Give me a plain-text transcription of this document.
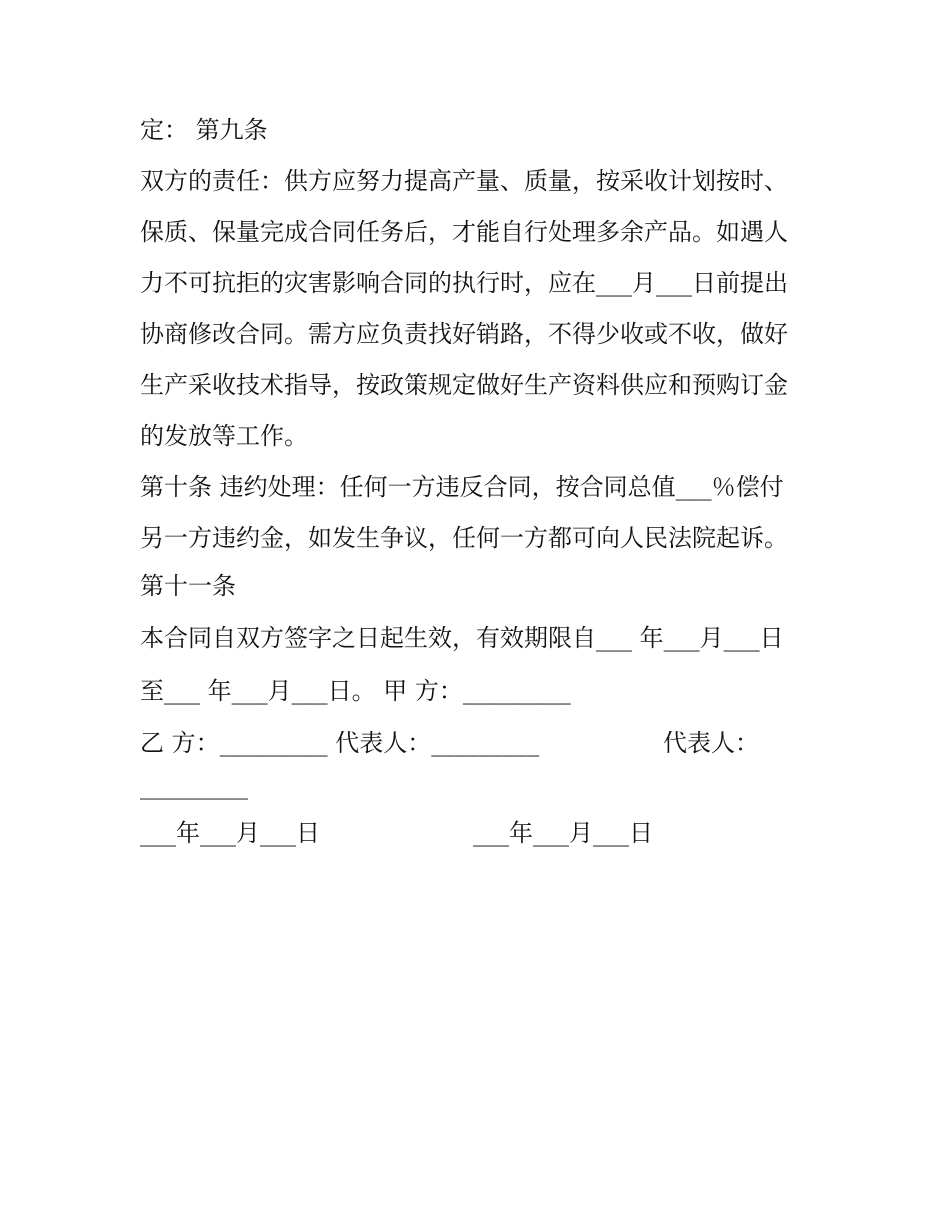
定： 第九条
双方的责任：供方应努力提高产量、质量，按采收计划按时、
保质、保量完成合同任务后，才能自行处理多余产品。如遇人
力不可抗拒的灾害影响合同的执行时，应在___月___日前提出
协商修改合同。需方应负责找好销路，不得少收或不收，做好
生产采收技术指导，按政策规定做好生产资料供应和预购订金
的发放等工作。
第十条 违约处理：任何一方违反合同，按合同总值___％偿付
另一方违约金，如发生争议，任何一方都可向人民法院起诉。
第十一条
本合同自双方签字之日起生效，有效期限自___ 年___月___日
至___ 年___月___日。 甲 方：_________
乙 方：_________ 代表人：_________	代表人：
_________
___年___月___日	___年___月___日
